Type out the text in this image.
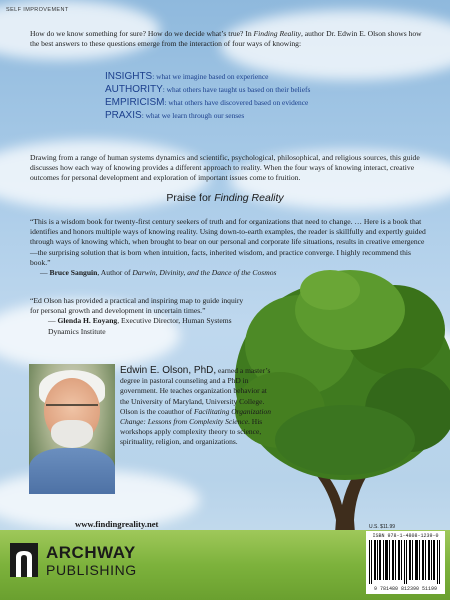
SELF IMPROVEMENT
How do we know something for sure? How do we decide what’s true? In Finding Reality, author Dr. Edwin E. Olson shows how the best answers to these questions emerge from the interaction of four ways of knowing:
INSIGHTS: what we imagine based on experience
AUTHORITY: what others have taught us based on their beliefs
EMPIRICISM: what others have discovered based on evidence
PRAXIS: what we learn through our senses
Drawing from a range of human systems dynamics and scientific, psychological, philosophical, and religious sources, this guide discusses how each way of knowing provides a different approach to reality. When the four ways of knowing interact, creative outcomes for personal development and exploration of important issues come to fruition.
Praise for Finding Reality
“This is a wisdom book for twenty-first century seekers of truth and for organizations that need to change. … Here is a book that identifies and honors multiple ways of knowing reality. Using down-to-earth examples, the reader is skillfully and expertly guided through ways of knowing which, when brought to bear on our personal and corporate life situations, results in creative emergence—the surprising solution that is born when intuition, facts, inherited wisdom, and practice converge. I highly recommend this book.”
— Bruce Sanguin, Author of Darwin, Divinity, and the Dance of the Cosmos
“Ed Olson has provided a practical and inspiring map to guide inquiry for personal growth and development in uncertain times.”
— Glenda H. Eoyang, Executive Director, Human Systems Dynamics Institute
Edwin E. Olson, PhD, earned a master’s degree in pastoral counseling and a PhD in government. He teaches organization behavior at the University of Maryland, University College. Olson is the coauthor of Facilitating Organization Change: Lessons from Complexity Science. His workshops apply complexity theory to science, spirituality, religion, and organizations.
www.findingreality.net
ARCHWAY
PUBLISHING
U.S. $11.99
ISBN 978-1-4808-1239-0
9 781480 812390 51199
